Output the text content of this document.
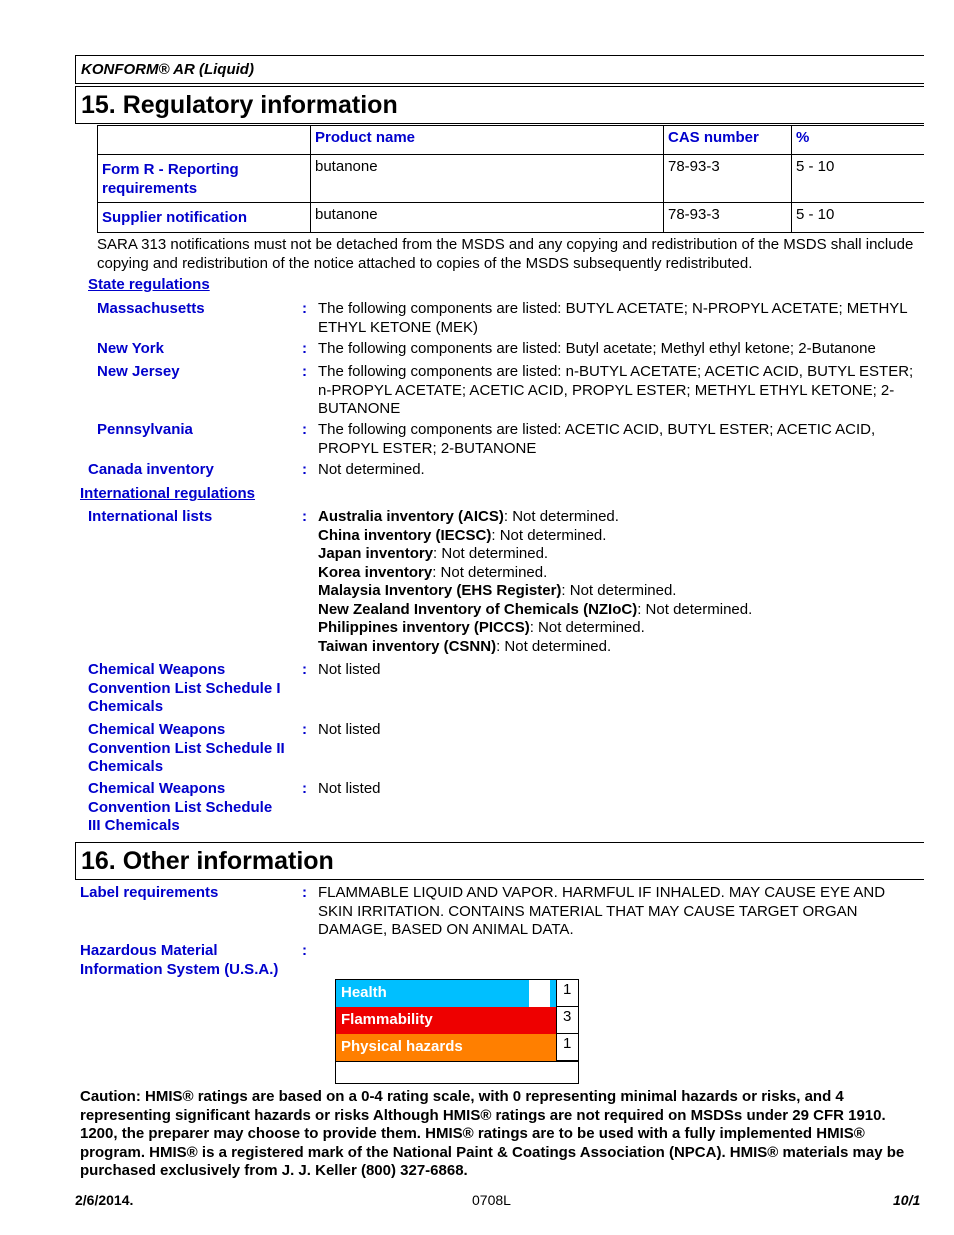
KONFORM® AR (Liquid)
15. Regulatory information
	Product name	CAS number	%
Form R - Reporting requirements	butanone	78-93-3	5 - 10
Supplier notification	butanone	78-93-3	5 - 10
SARA 313 notifications must not be detached from the MSDS and any copying and redistribution of the MSDS shall include copying and redistribution of the notice attached to copies of the MSDS subsequently redistributed.
State regulations
Massachusetts	: The following components are listed: BUTYL ACETATE; N-PROPYL ACETATE; METHYL ETHYL KETONE (MEK)
New York	: The following components are listed: Butyl acetate; Methyl ethyl ketone; 2-Butanone
New Jersey	: The following components are listed: n-BUTYL ACETATE; ACETIC ACID, BUTYL ESTER; n-PROPYL ACETATE; ACETIC ACID, PROPYL ESTER; METHYL ETHYL KETONE; 2-BUTANONE
Pennsylvania	: The following components are listed: ACETIC ACID, BUTYL ESTER; ACETIC ACID, PROPYL ESTER; 2-BUTANONE
Canada inventory	: Not determined.
International regulations
International lists	: Australia inventory (AICS): Not determined.
China inventory (IECSC): Not determined.
Japan inventory: Not determined.
Korea inventory: Not determined.
Malaysia Inventory (EHS Register): Not determined.
New Zealand Inventory of Chemicals (NZIoC): Not determined.
Philippines inventory (PICCS): Not determined.
Taiwan inventory (CSNN): Not determined.
Chemical Weapons Convention List Schedule I Chemicals
: Not listed
Chemical Weapons Convention List Schedule II Chemicals
: Not listed
Chemical Weapons Convention List Schedule III Chemicals
: Not listed
16. Other information
Label requirements	: FLAMMABLE LIQUID AND VAPOR. HARMFUL IF INHALED. MAY CAUSE EYE AND SKIN IRRITATION. CONTAINS MATERIAL THAT MAY CAUSE TARGET ORGAN DAMAGE, BASED ON ANIMAL DATA.
Hazardous Material Information System (U.S.A.)
:
Health	1
Flammability	3
Physical hazards	1
Caution: HMIS® ratings are based on a 0-4 rating scale, with 0 representing minimal hazards or risks, and 4 representing significant hazards or risks Although HMIS® ratings are not required on MSDSs under 29 CFR 1910. 1200, the preparer may choose to provide them. HMIS® ratings are to be used with a fully implemented HMIS® program. HMIS® is a registered mark of the National Paint & Coatings Association (NPCA). HMIS® materials may be purchased exclusively from J. J. Keller (800) 327-6868.
2/6/2014.	0708L	10/1
